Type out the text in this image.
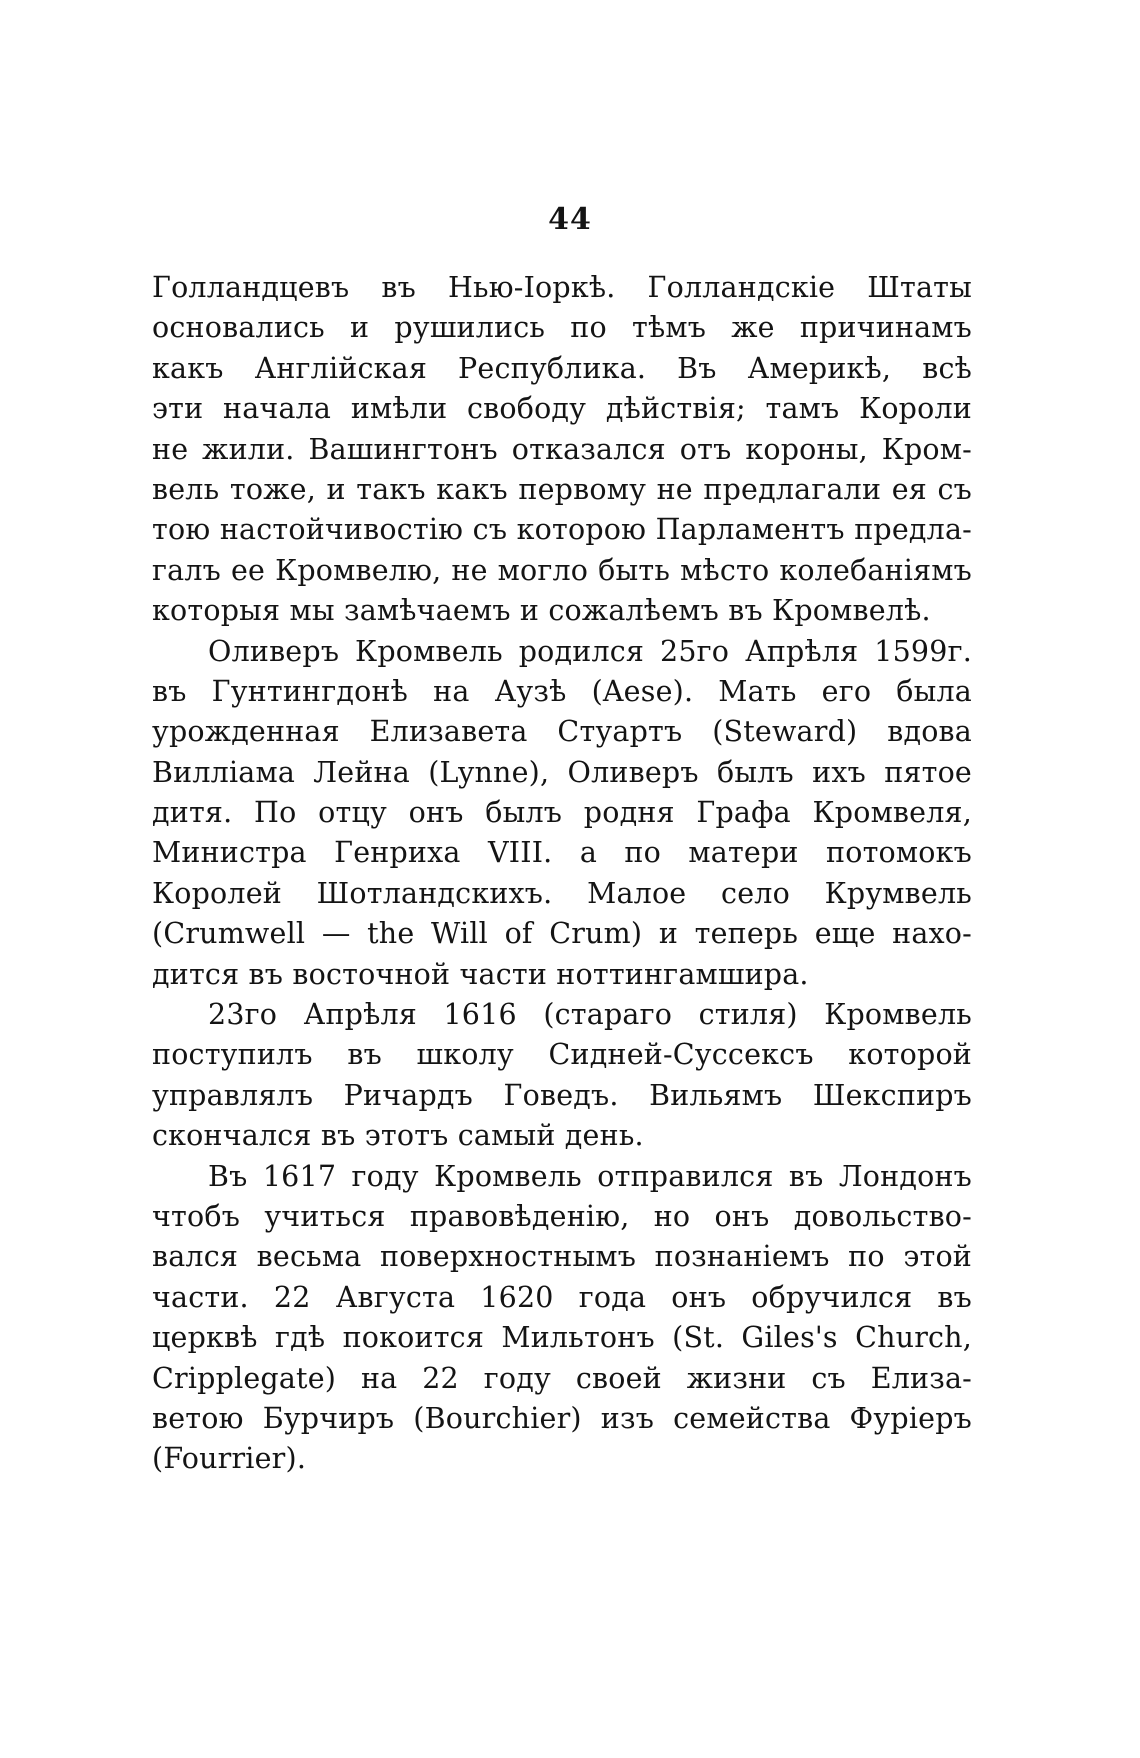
44
Голландцевъ въ Нью-Іоркѣ. Голландскіе Штаты
основались и рушились по тѣмъ же причинамъ
какъ Англійская Республика. Въ Америкѣ, всѣ
эти начала имѣли свободу дѣйствія; тамъ Короли
не жили. Вашингтонъ отказался отъ короны, Кром-
вель тоже, и такъ какъ первому не предлагали ея съ
тою настойчивостію съ которою Парламентъ предла-
галъ ее Кромвелю, не могло быть мѣсто колебаніямъ
которыя мы замѣчаемъ и сожалѣемъ въ Кромвелѣ.
Оливеръ Кромвель родился 25го Апрѣля 1599г.
въ Гунтингдонѣ на Аузѣ (Aese). Мать его была
урожденная Елизавета Стуартъ (Steward) вдова
Вилліама Лейна (Lynne), Оливеръ былъ ихъ пятое
дитя. По отцу онъ былъ родня Графа Кромвеля,
Министра Генриха VIII. а по матери потомокъ
Королей Шотландскихъ. Малое село Крумвель
(Crumwell — the Will of Crum) и теперь еще нахо-
дится въ восточной части ноттингамшира.
23го Апрѣля 1616 (стараго стиля) Кромвель
поступилъ въ школу Сидней-Суссексъ которой
управлялъ Ричардъ Говедъ. Вильямъ Шекспиръ
скончался въ этотъ самый день.
Въ 1617 году Кромвель отправился въ Лондонъ
чтобъ учиться правовѣденію, но онъ довольство-
вался весьма поверхностнымъ познаніемъ по этой
части. 22 Августа 1620 года онъ обручился въ
церквѣ гдѣ покоится Мильтонъ (St. Giles's Church,
Cripplegate) на 22 году своей жизни съ Елиза-
ветою Бурчиръ (Bourchier) изъ семейства Фуріеръ
(Fourrier).
